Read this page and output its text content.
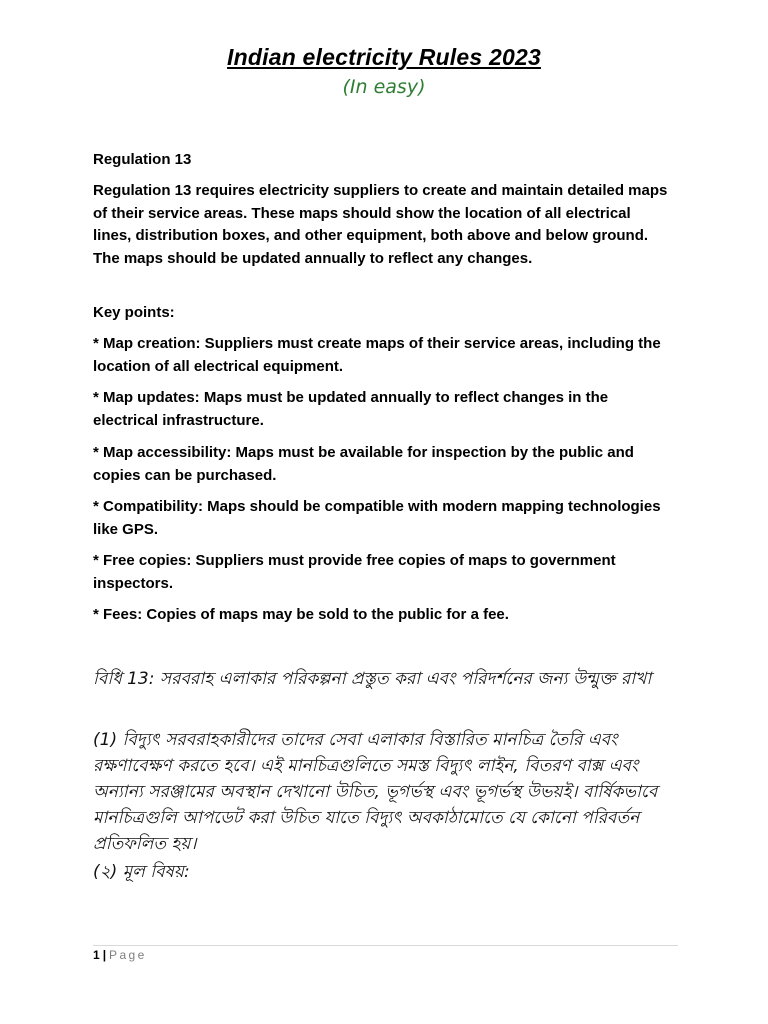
Indian electricity Rules 2023
(In easy)

Regulation 13

Regulation 13 requires electricity suppliers to create and maintain detailed maps of their service areas. These maps should show the location of all electrical lines, distribution boxes, and other equipment, both above and below ground. The maps should be updated annually to reflect any changes.

Key points:

* Map creation: Suppliers must create maps of their service areas, including the location of all electrical equipment.

* Map updates: Maps must be updated annually to reflect changes in the electrical infrastructure.

* Map accessibility: Maps must be available for inspection by the public and copies can be purchased.

* Compatibility: Maps should be compatible with modern mapping technologies like GPS.

* Free copies: Suppliers must provide free copies of maps to government inspectors.

* Fees: Copies of maps may be sold to the public for a fee.

বিধি 13: সরবরাহ এলাকার পরিকল্পনা প্রস্তুত করা এবং পরিদর্শনের জন্য উন্মুক্ত রাখা

(1) বিদ্যুৎ সরবরাহকারীদের তাদের সেবা এলাকার বিস্তারিত মানচিত্র তৈরি এবং রক্ষণাবেক্ষণ করতে হবে। এই মানচিত্রগুলিতে সমস্ত বিদ্যুৎ লাইন, বিতরণ বাক্স এবং অন্যান্য সরঞ্জামের অবস্থান দেখানো উচিত, ভূগর্ভস্থ এবং ভূগর্ভস্থ উভয়ই। বার্ষিকভাবে মানচিত্রগুলি আপডেট করা উচিত যাতে বিদ্যুৎ অবকাঠামোতে যে কোনো পরিবর্তন প্রতিফলিত হয়।

(২) মূল বিষয়:

1 | Page
